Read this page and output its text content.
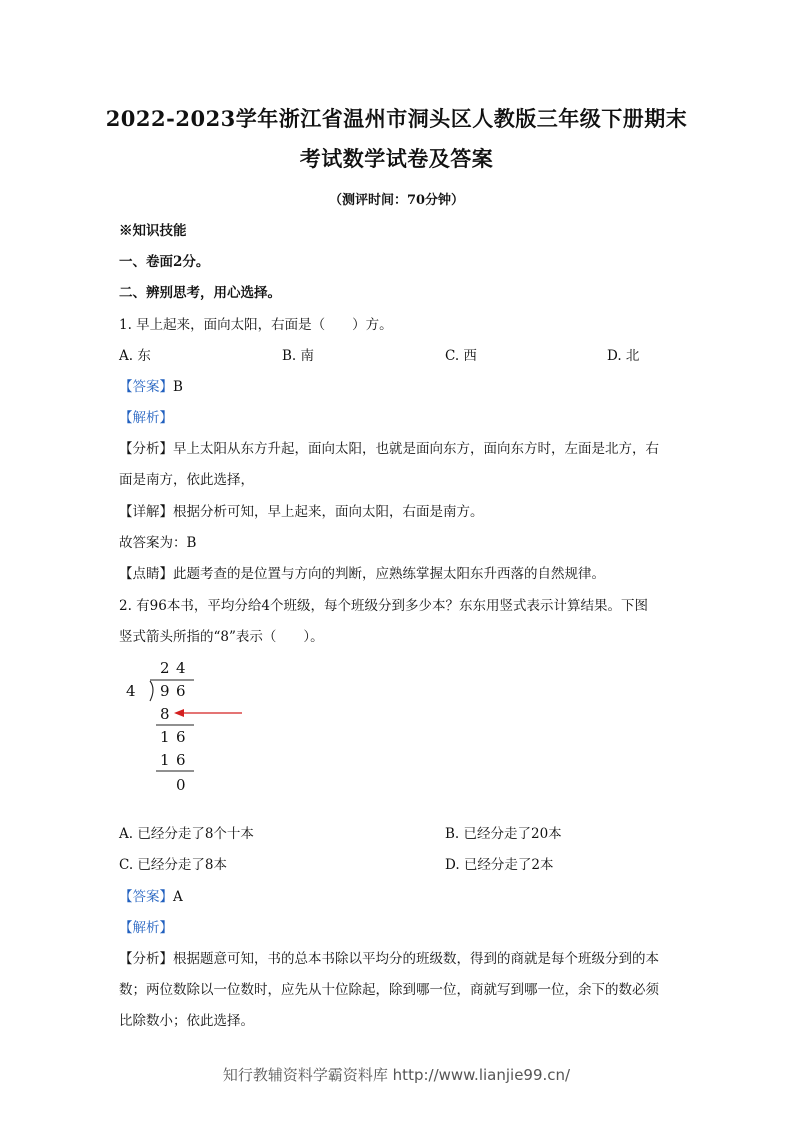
2022-2023学年浙江省温州市洞头区人教版三年级下册期末
考试数学试卷及答案
（测评时间：70分钟）
※知识技能
一、卷面2分。
二、辨别思考，用心选择。
1. 早上起来，面向太阳，右面是（　　）方。
A. 东	B. 南	C. 西	D. 北
【答案】B
【解析】
【分析】早上太阳从东方升起，面向太阳，也就是面向东方，面向东方时，左面是北方，右
面是南方，依此选择，
【详解】根据分析可知，早上起来，面向太阳，右面是南方。
故答案为：B
【点睛】此题考查的是位置与方向的判断，应熟练掌握太阳东升西落的自然规律。
2. 有96本书，平均分给4个班级，每个班级分到多少本？东东用竖式表示计算结果。下图
竖式箭头所指的“8”表示（　　）。
2 4
4 9 6
8
1 6
1 6
0
A. 已经分走了8个十本	B. 已经分走了20本
C. 已经分走了8本	D. 已经分走了2本
【答案】A
【解析】
【分析】根据题意可知，书的总本书除以平均分的班级数，得到的商就是每个班级分到的本
数；两位数除以一位数时，应先从十位除起，除到哪一位，商就写到哪一位，余下的数必须
比除数小；依此选择。
知行教辅资料学霸资料库 http://www.lianjie99.cn/
